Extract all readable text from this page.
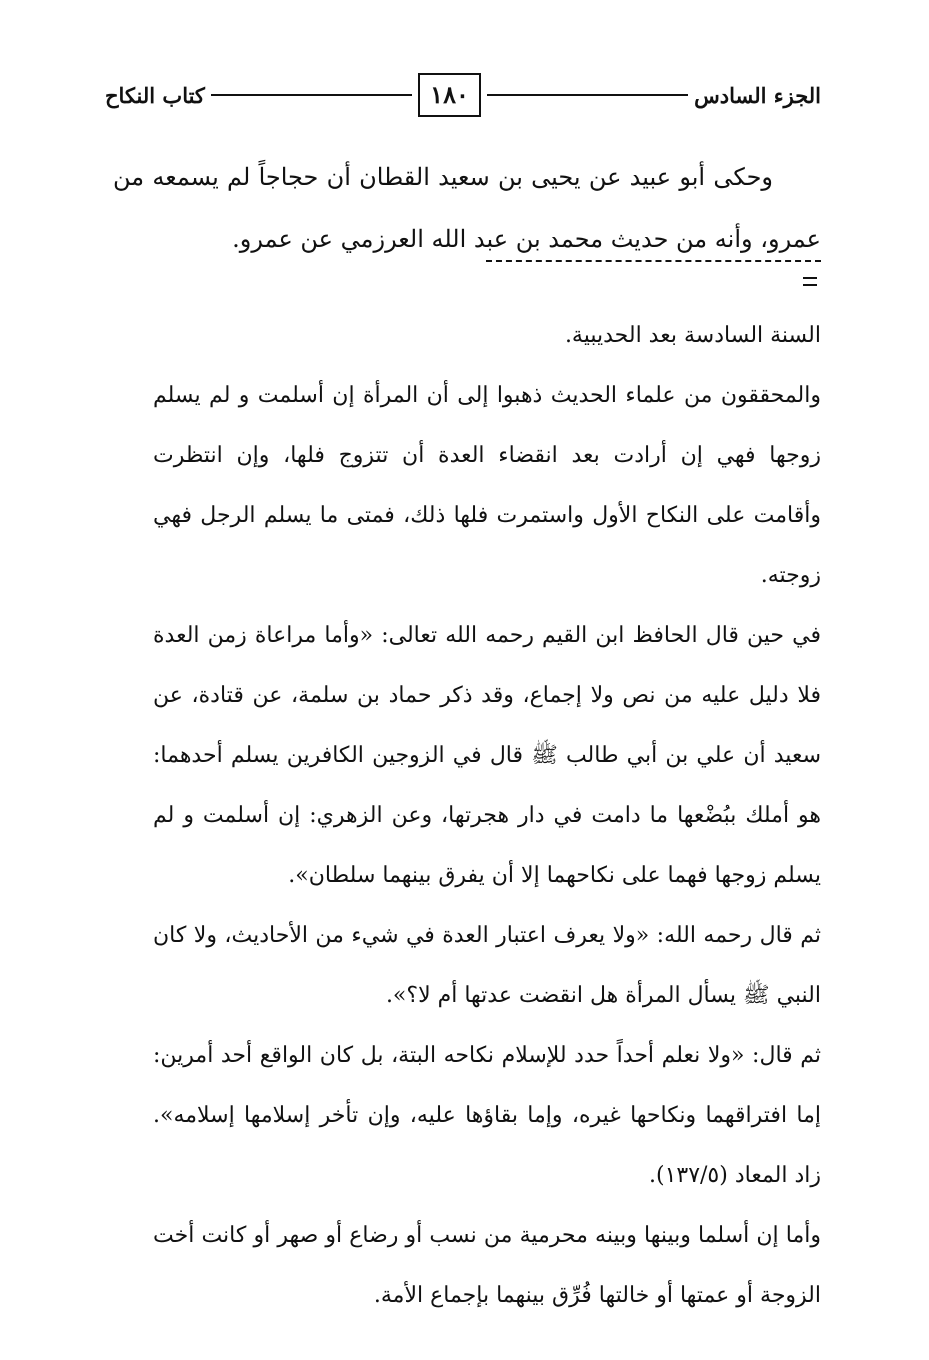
الجزء السادس
١٨٠
كتاب النكاح

وحكى أبو عبيد عن يحيى بن سعيد القطان أن حجاجاً لم يسمعه من عمرو، وأنه من حديث محمد بن عبد الله العرزمي عن عمرو.

السنة السادسة بعد الحديبية.

والمحققون من علماء الحديث ذهبوا إلى أن المرأة إن أسلمت و لم يسلم زوجها فهي إن أرادت بعد انقضاء العدة أن تتزوج فلها، وإن انتظرت وأقامت على النكاح الأول واستمرت فلها ذلك، فمتى ما يسلم الرجل فهي زوجته.

في حين قال الحافظ ابن القيم رحمه الله تعالى: «وأما مراعاة زمن العدة فلا دليل عليه من نص ولا إجماع، وقد ذكر حماد بن سلمة، عن قتادة، عن سعيد أن علي بن أبي طالب ﷺ قال في الزوجين الكافرين يسلم أحدهما: هو أملك ببُضْعها ما دامت في دار هجرتها، وعن الزهري: إن أسلمت و لم يسلم زوجها فهما على نكاحهما إلا أن يفرق بينهما سلطان».

ثم قال رحمه الله: «ولا يعرف اعتبار العدة في شيء من الأحاديث، ولا كان النبي ﷺ يسأل المرأة هل انقضت عدتها أم لا؟».

ثم قال: «ولا نعلم أحداً حدد للإسلام نكاحه البتة، بل كان الواقع أحد أمرين: إما افتراقهما ونكاحها غيره، وإما بقاؤها عليه، وإن تأخر إسلامها إسلامه». زاد المعاد (١٣٧/٥).

وأما إن أسلما وبينها وبينه محرمية من نسب أو رضاع أو صهر أو كانت أخت الزوجة أو عمتها أو خالتها فُرِّق بينهما بإجماع الأمة.
